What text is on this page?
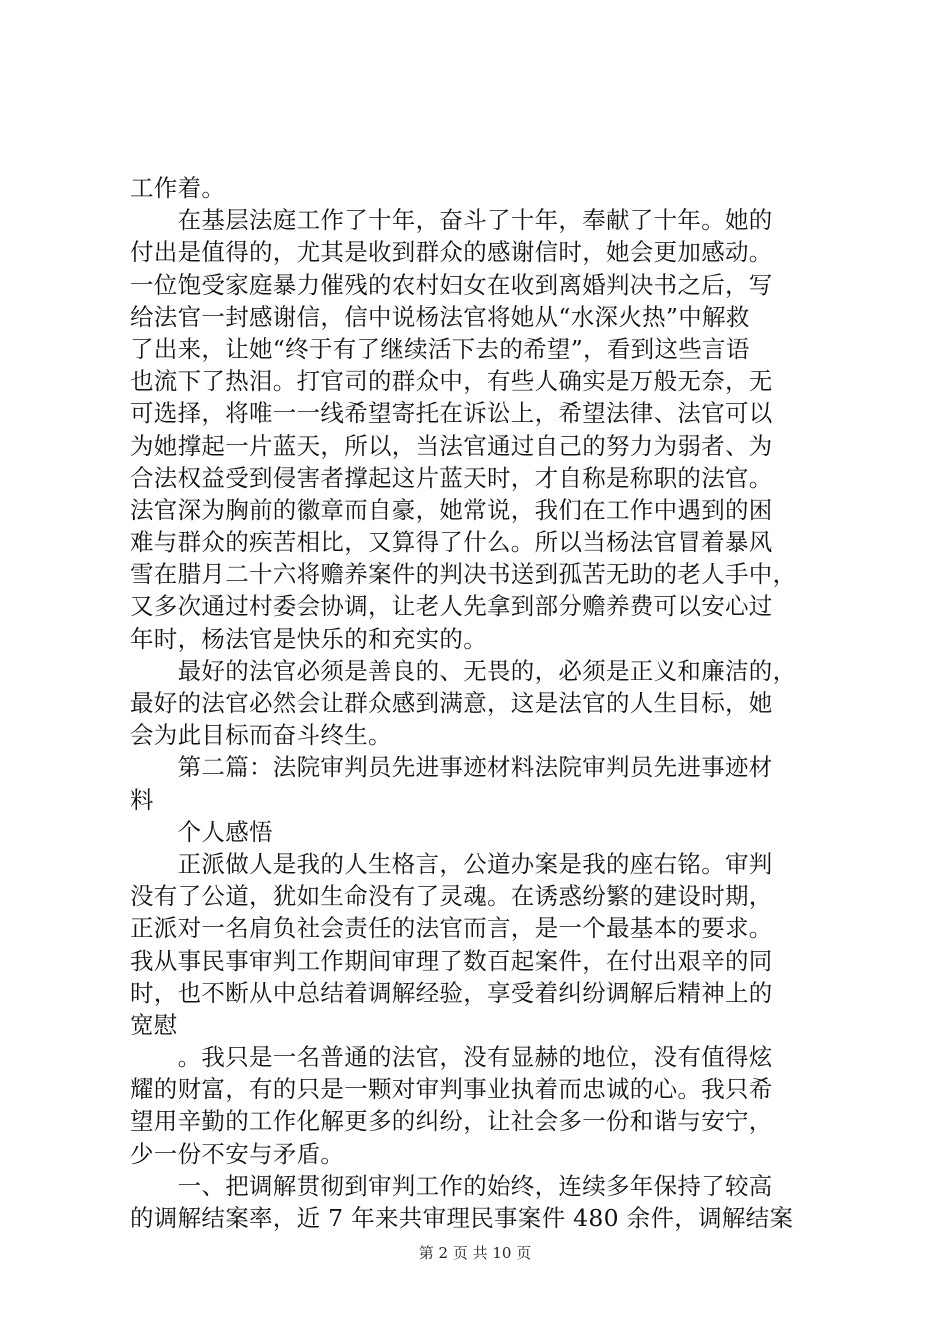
工作着。
　　在基层法庭工作了十年，奋斗了十年，奉献了十年。她的
付出是值得的，尤其是收到群众的感谢信时，她会更加感动。
一位饱受家庭暴力催残的农村妇女在收到离婚判决书之后，写
给法官一封感谢信，信中说杨法官将她从“水深火热”中解救
了出来，让她“终于有了继续活下去的希望”，看到这些言语
也流下了热泪。打官司的群众中，有些人确实是万般无奈，无
可选择，将唯一一线希望寄托在诉讼上，希望法律、法官可以
为她撑起一片蓝天，所以，当法官通过自己的努力为弱者、为
合法权益受到侵害者撑起这片蓝天时，才自称是称职的法官。
法官深为胸前的徽章而自豪，她常说，我们在工作中遇到的困
难与群众的疾苦相比，又算得了什么。所以当杨法官冒着暴风
雪在腊月二十六将赡养案件的判决书送到孤苦无助的老人手中，
又多次通过村委会协调，让老人先拿到部分赡养费可以安心过
年时，杨法官是快乐的和充实的。
　　最好的法官必须是善良的、无畏的，必须是正义和廉洁的，
最好的法官必然会让群众感到满意，这是法官的人生目标，她
会为此目标而奋斗终生。
　　第二篇：法院审判员先进事迹材料法院审判员先进事迹材
料
　　个人感悟
　　正派做人是我的人生格言，公道办案是我的座右铭。审判
没有了公道，犹如生命没有了灵魂。在诱惑纷繁的建设时期，
正派对一名肩负社会责任的法官而言，是一个最基本的要求。
我从事民事审判工作期间审理了数百起案件，在付出艰辛的同
时，也不断从中总结着调解经验，享受着纠纷调解后精神上的
宽慰
　　。我只是一名普通的法官，没有显赫的地位，没有值得炫
耀的财富，有的只是一颗对审判事业执着而忠诚的心。我只希
望用辛勤的工作化解更多的纠纷，让社会多一份和谐与安宁，
少一份不安与矛盾。
　　一、把调解贯彻到审判工作的始终，连续多年保持了较高
的调解结案率，近 7 年来共审理民事案件 480 余件，调解结案
第 2 页 共 10 页
